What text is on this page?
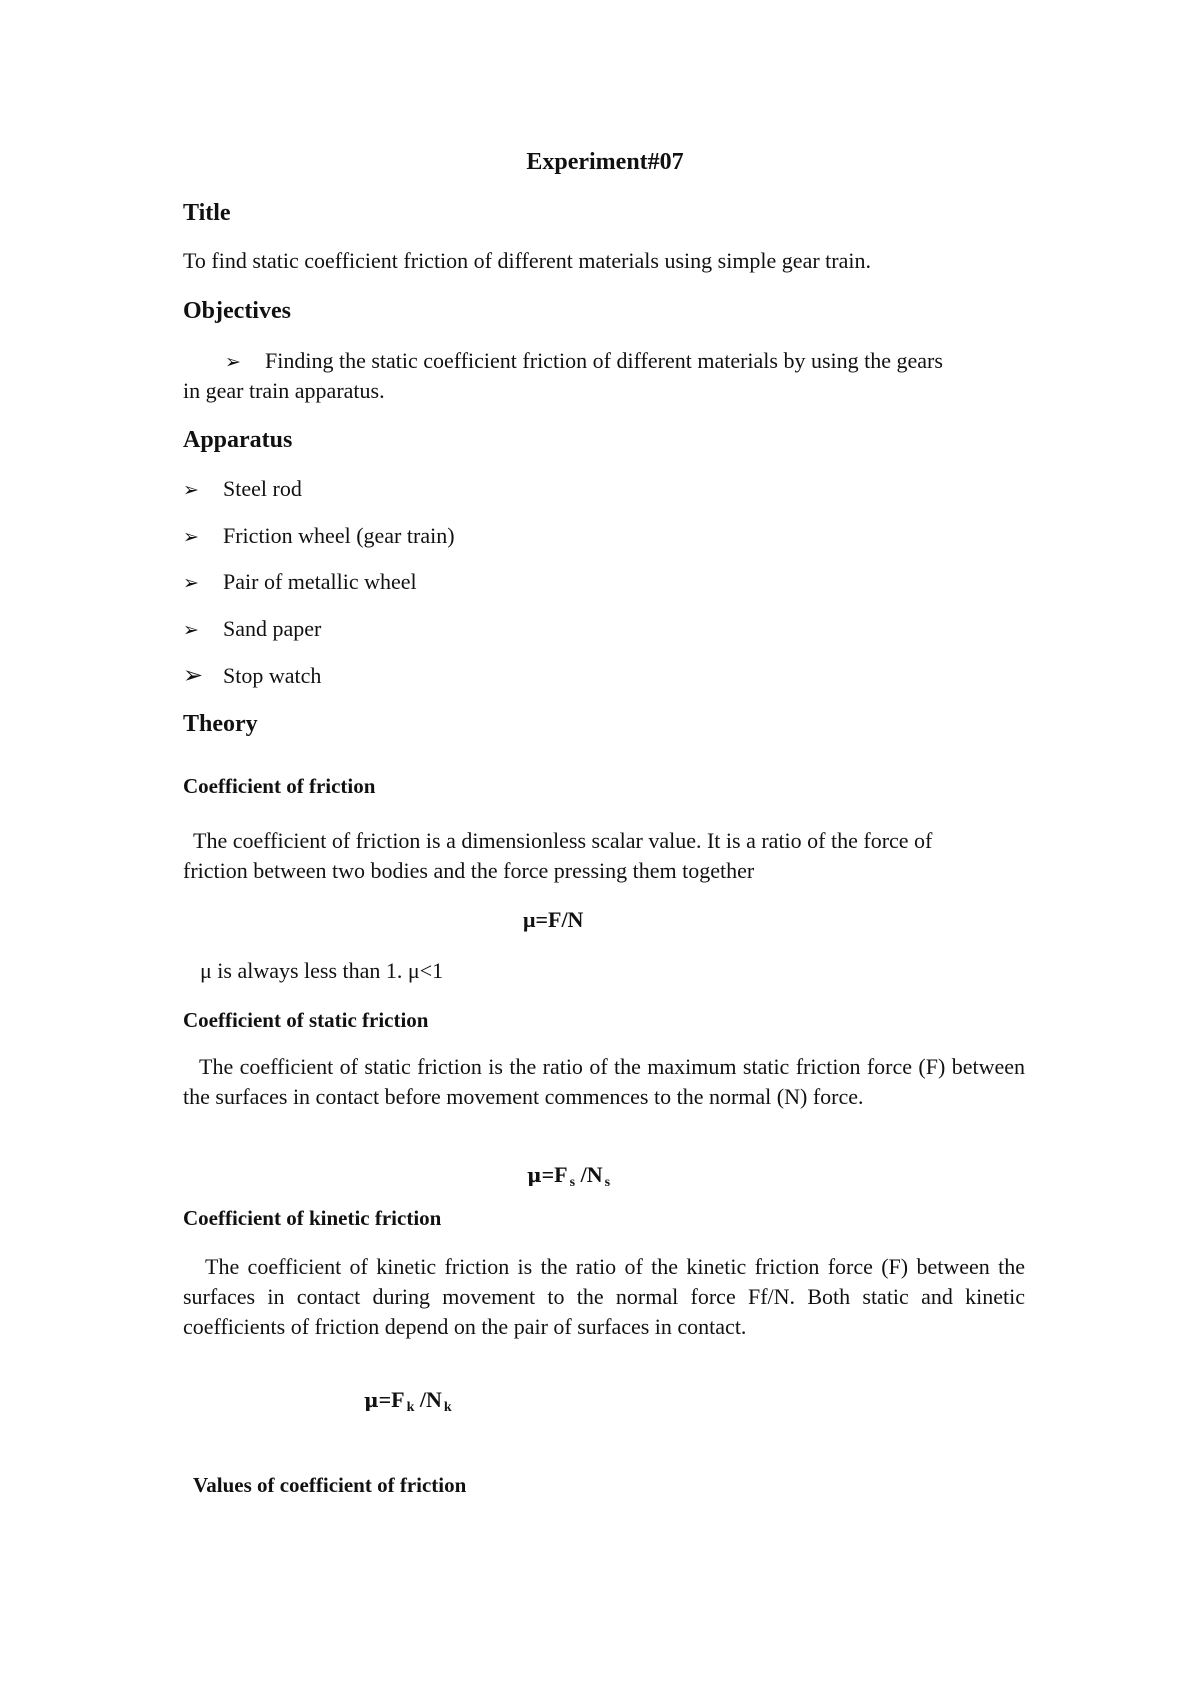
Experiment#07
Title
To find static coefficient friction of different materials using simple gear train.
Objectives
➢ Finding the static coefficient friction of different materials by using the gears
in gear train apparatus.
Apparatus
➢ Steel rod
➢ Friction wheel (gear train)
➢ Pair of metallic wheel
➢ Sand paper
➢ Stop watch
Theory
Coefficient of friction
The coefficient of friction is a dimensionless scalar value. It is a ratio of the force of
friction between two bodies and the force pressing them together
μ=F/N
μ is always less than 1. μ<1
Coefficient of static friction
The coefficient of static friction is the ratio of the maximum static friction force (F) between the surfaces in contact before movement commences to the normal (N) force.
μ=F $_s$ /N $_s$
Coefficient of kinetic friction
The coefficient of kinetic friction is the ratio of the kinetic friction force (F) between the surfaces in contact during movement to the normal force Ff/N. Both static and kinetic coefficients of friction depend on the pair of surfaces in contact.
μ=F $_k$ /N $_k$
Values of coefficient of friction
